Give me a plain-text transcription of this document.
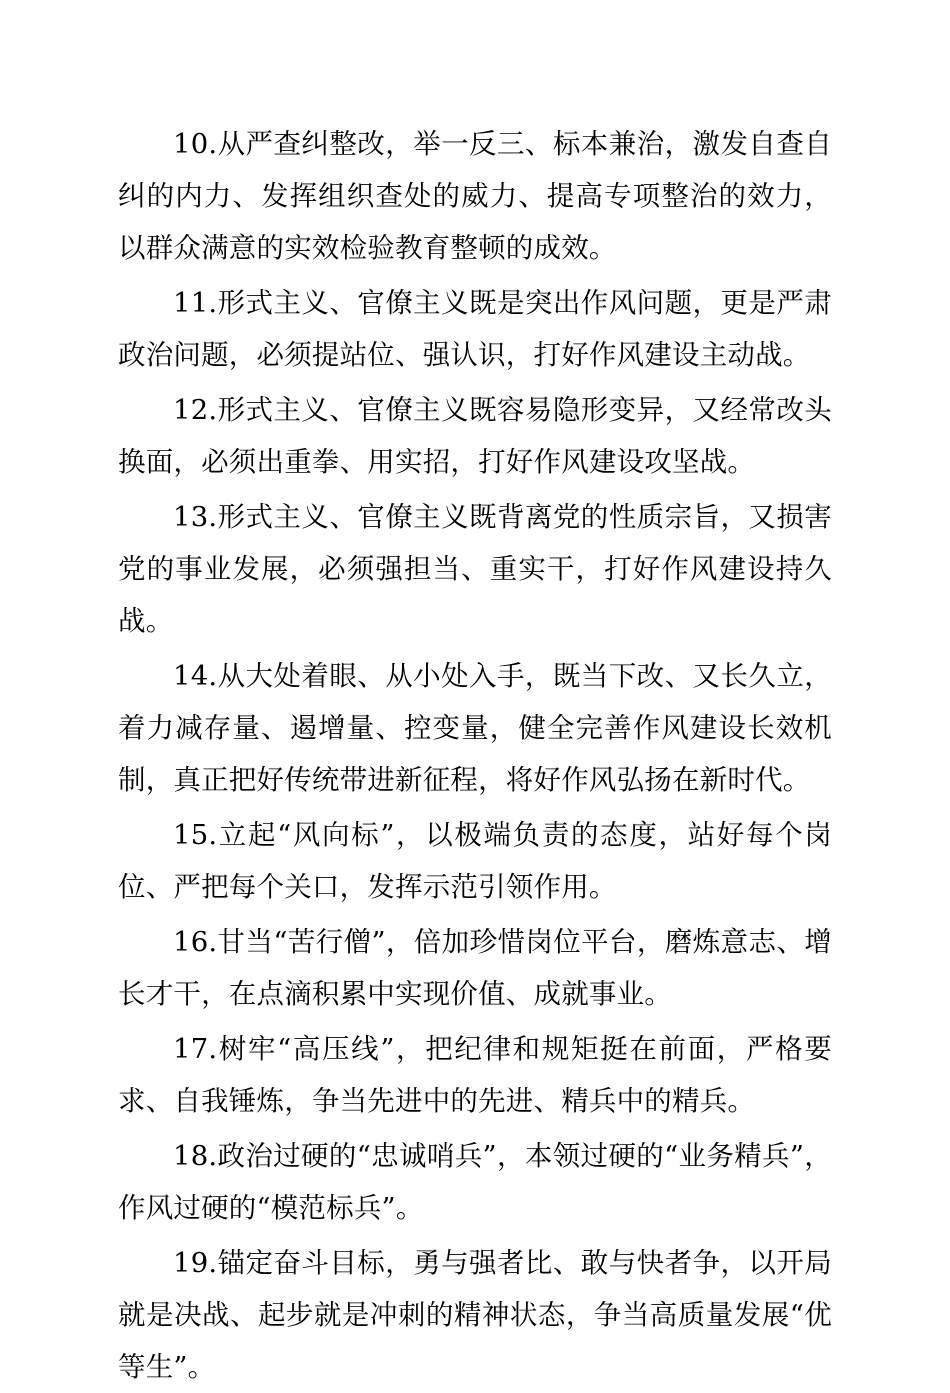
10.从严查纠整改，举一反三、标本兼治，激发自查自纠的内力、发挥组织查处的威力、提高专项整治的效力，以群众满意的实效检验教育整顿的成效。

11.形式主义、官僚主义既是突出作风问题，更是严肃政治问题，必须提站位、强认识，打好作风建设主动战。

12.形式主义、官僚主义既容易隐形变异，又经常改头换面，必须出重拳、用实招，打好作风建设攻坚战。

13.形式主义、官僚主义既背离党的性质宗旨，又损害党的事业发展，必须强担当、重实干，打好作风建设持久战。

14.从大处着眼、从小处入手，既当下改、又长久立，着力减存量、遏增量、控变量，健全完善作风建设长效机制，真正把好传统带进新征程，将好作风弘扬在新时代。

15.立起“风向标”，以极端负责的态度，站好每个岗位、严把每个关口，发挥示范引领作用。

16.甘当“苦行僧”，倍加珍惜岗位平台，磨炼意志、增长才干，在点滴积累中实现价值、成就事业。

17.树牢“高压线”，把纪律和规矩挺在前面，严格要求、自我锤炼，争当先进中的先进、精兵中的精兵。

18.政治过硬的“忠诚哨兵”，本领过硬的“业务精兵”，作风过硬的“模范标兵”。

19.锚定奋斗目标，勇与强者比、敢与快者争，以开局就是决战、起步就是冲刺的精神状态，争当高质量发展“优等生”。
